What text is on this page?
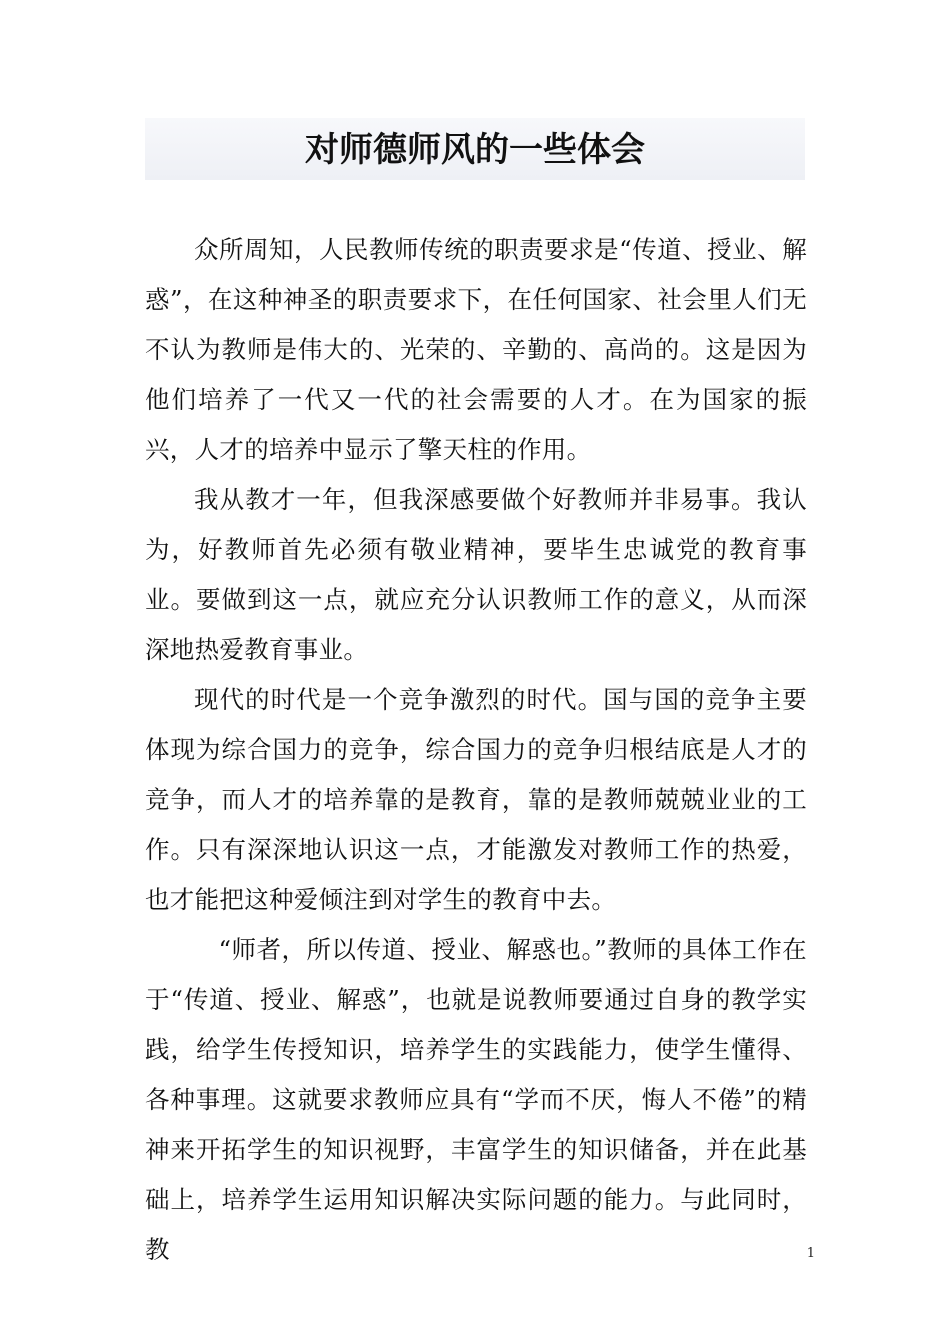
对师德师风的一些体会

众所周知，人民教师传统的职责要求是“传道、授业、解惑”，在这种神圣的职责要求下，在任何国家、社会里人们无不认为教师是伟大的、光荣的、辛勤的、高尚的。这是因为他们培养了一代又一代的社会需要的人才。在为国家的振兴，人才的培养中显示了擎天柱的作用。

我从教才一年，但我深感要做个好教师并非易事。我认为，好教师首先必须有敬业精神，要毕生忠诚党的教育事业。要做到这一点，就应充分认识教师工作的意义，从而深深地热爱教育事业。

现代的时代是一个竞争激烈的时代。国与国的竞争主要体现为综合国力的竞争，综合国力的竞争归根结底是人才的竞争，而人才的培养靠的是教育，靠的是教师兢兢业业的工作。只有深深地认识这一点，才能激发对教师工作的热爱，也才能把这种爱倾注到对学生的教育中去。

“师者，所以传道、授业、解惑也。”教师的具体工作在于“传道、授业、解惑”，也就是说教师要通过自身的教学实践，给学生传授知识，培养学生的实践能力，使学生懂得、各种事理。这就要求教师应具有“学而不厌，悔人不倦”的精神来开拓学生的知识视野，丰富学生的知识储备，并在此基础上，培养学生运用知识解决实际问题的能力。与此同时，教	1
